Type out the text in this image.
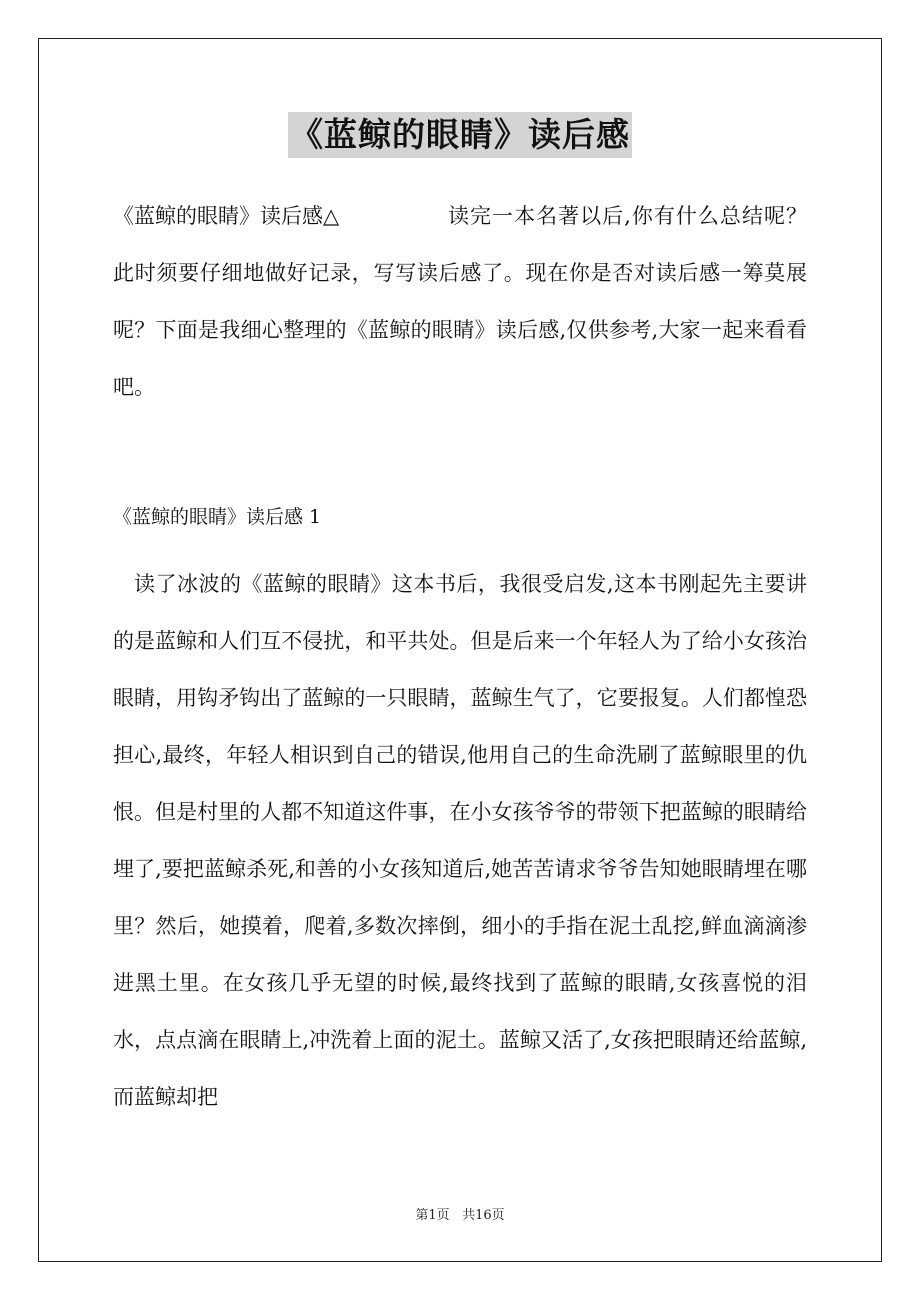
《蓝鲸的眼睛》读后感

《蓝鲸的眼睛》读后感△	读完一本名著以后,你有什么总结呢？此时须要仔细地做好记录，写写读后感了。现在你是否对读后感一筹莫展呢？下面是我细心整理的《蓝鲸的眼睛》读后感,仅供参考,大家一起来看看吧。

《蓝鲸的眼睛》读后感 1

读了冰波的《蓝鲸的眼睛》这本书后，我很受启发,这本书刚起先主要讲的是蓝鲸和人们互不侵扰，和平共处。但是后来一个年轻人为了给小女孩治眼睛，用钩矛钩出了蓝鲸的一只眼睛，蓝鲸生气了，它要报复。人们都惶恐担心,最终，年轻人相识到自己的错误,他用自己的生命洗刷了蓝鲸眼里的仇恨。但是村里的人都不知道这件事，在小女孩爷爷的带领下把蓝鲸的眼睛给埋了,要把蓝鲸杀死,和善的小女孩知道后,她苦苦请求爷爷告知她眼睛埋在哪里？然后，她摸着，爬着,多数次摔倒，细小的手指在泥土乱挖,鲜血滴滴渗进黑土里。在女孩几乎无望的时候,最终找到了蓝鲸的眼睛,女孩喜悦的泪水，点点滴在眼睛上,冲洗着上面的泥土。蓝鲸又活了,女孩把眼睛还给蓝鲸,而蓝鲸却把

第1页 共16页
